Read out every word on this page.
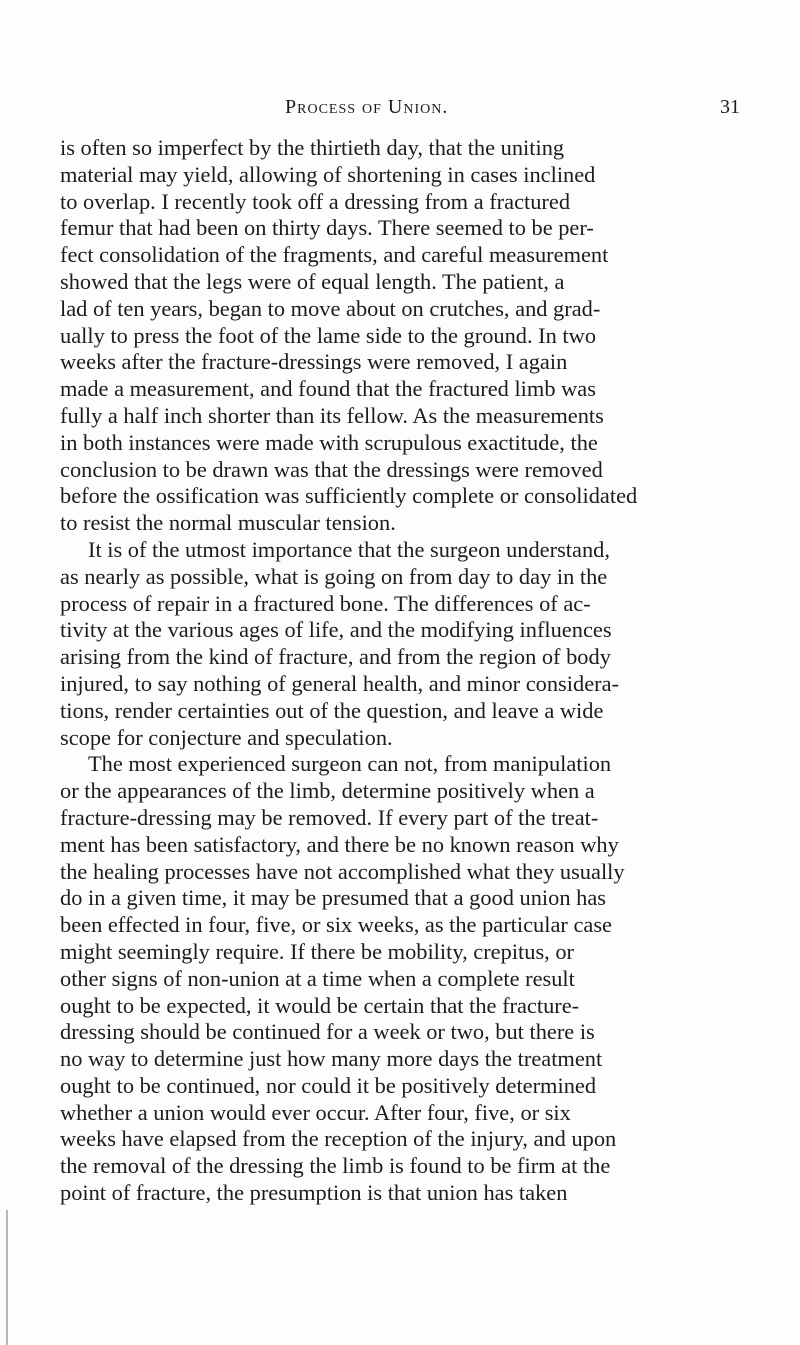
Process of Union.	31
is often so imperfect by the thirtieth day, that the uniting
material may yield, allowing of shortening in cases inclined
to overlap. I recently took off a dressing from a fractured
femur that had been on thirty days. There seemed to be per-
fect consolidation of the fragments, and careful measurement
showed that the legs were of equal length. The patient, a
lad of ten years, began to move about on crutches, and grad-
ually to press the foot of the lame side to the ground. In two
weeks after the fracture-dressings were removed, I again
made a measurement, and found that the fractured limb was
fully a half inch shorter than its fellow. As the measurements
in both instances were made with scrupulous exactitude, the
conclusion to be drawn was that the dressings were removed
before the ossification was sufficiently complete or consolidated
to resist the normal muscular tension.
It is of the utmost importance that the surgeon understand,
as nearly as possible, what is going on from day to day in the
process of repair in a fractured bone. The differences of ac-
tivity at the various ages of life, and the modifying influences
arising from the kind of fracture, and from the region of body
injured, to say nothing of general health, and minor considera-
tions, render certainties out of the question, and leave a wide
scope for conjecture and speculation.
The most experienced surgeon can not, from manipulation
or the appearances of the limb, determine positively when a
fracture-dressing may be removed. If every part of the treat-
ment has been satisfactory, and there be no known reason why
the healing processes have not accomplished what they usually
do in a given time, it may be presumed that a good union has
been effected in four, five, or six weeks, as the particular case
might seemingly require. If there be mobility, crepitus, or
other signs of non-union at a time when a complete result
ought to be expected, it would be certain that the fracture-
dressing should be continued for a week or two, but there is
no way to determine just how many more days the treatment
ought to be continued, nor could it be positively determined
whether a union would ever occur. After four, five, or six
weeks have elapsed from the reception of the injury, and upon
the removal of the dressing the limb is found to be firm at the
point of fracture, the presumption is that union has taken
